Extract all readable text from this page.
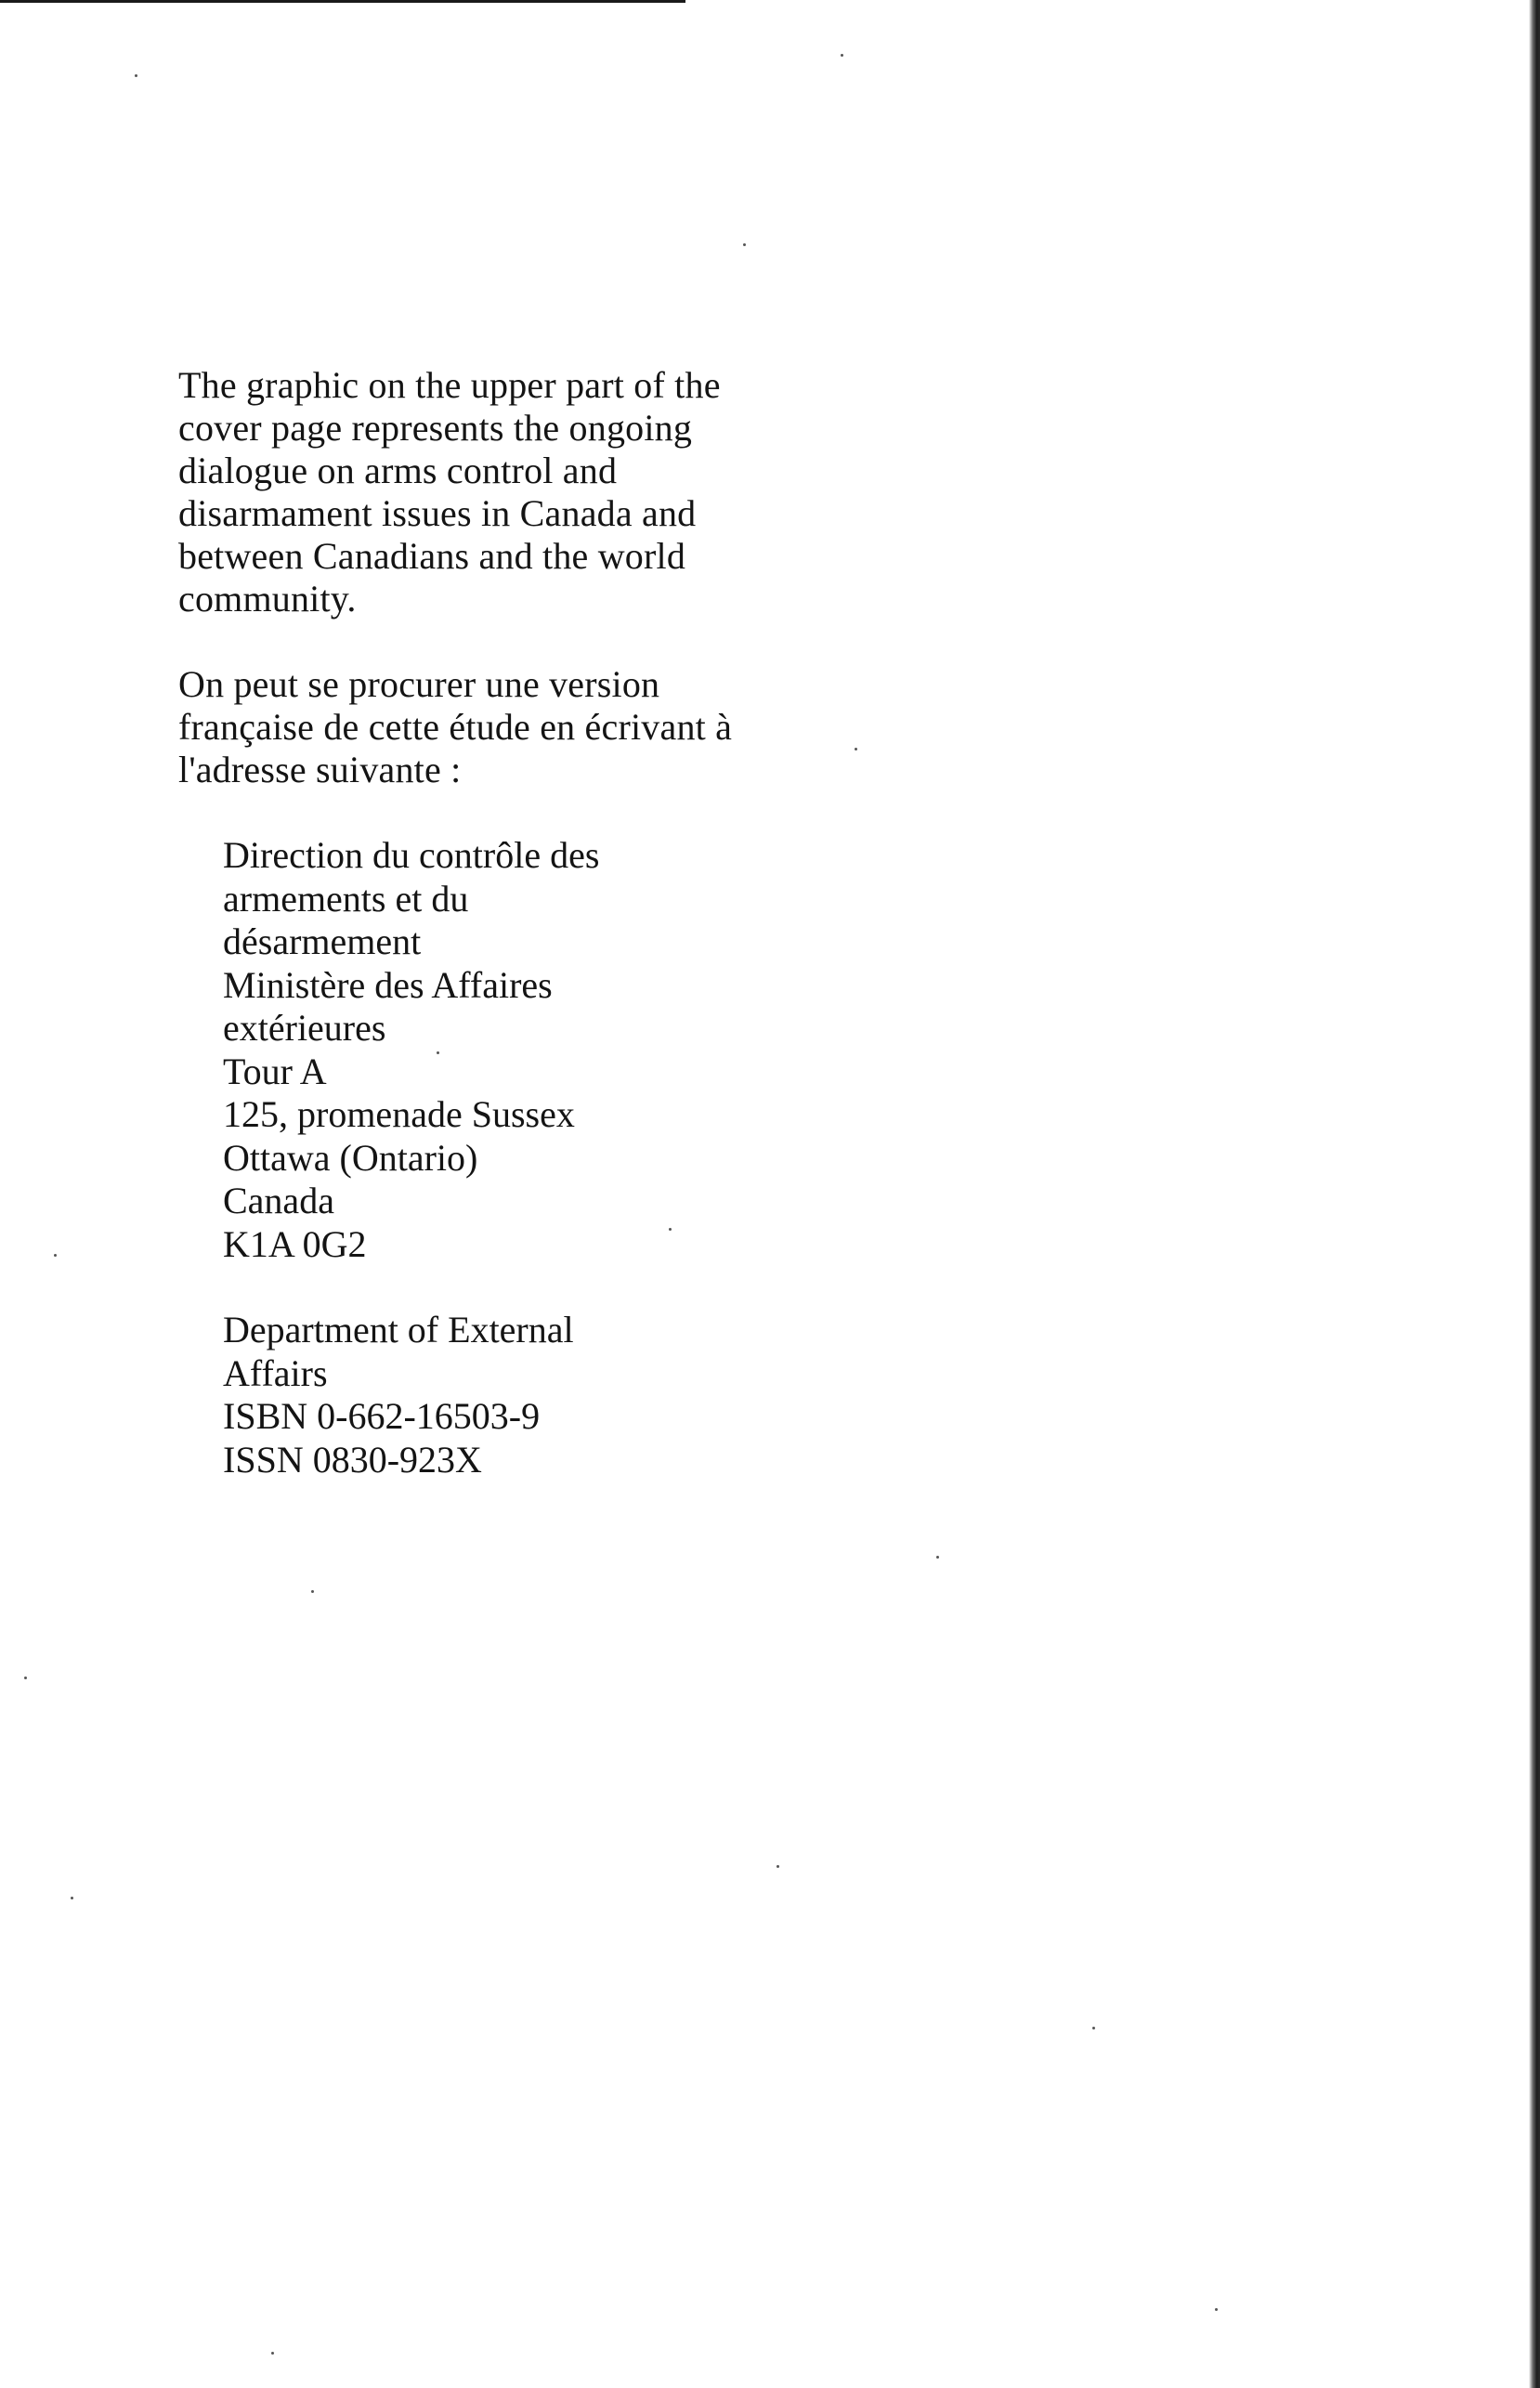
The graphic on the upper part of the cover page represents the ongoing dialogue on arms control and disarmament issues in Canada and between Canadians and the world community.

On peut se procurer une version française de cette étude en écrivant à l'adresse suivante :

Direction du contrôle des
armements et du
désarmement
Ministère des Affaires
extérieures
Tour A
125, promenade Sussex
Ottawa (Ontario)
Canada
K1A 0G2
Department of External
Affairs
ISBN 0-662-16503-9
ISSN 0830-923X
